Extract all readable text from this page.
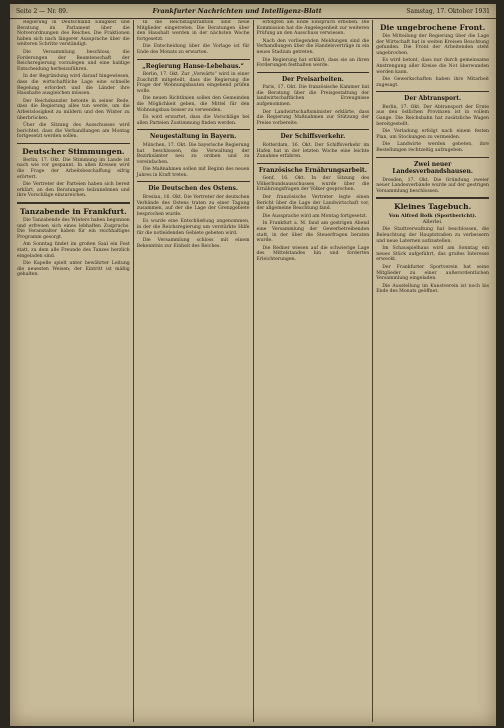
Seite 2 — Nr. 89.	Frankfurter Nachrichten und Intelligenz-Blatt	Samstag, 17. Oktober 1931

Regierung in Deutschland Einigkeit und Beratung im Parlament über die Notverordnungen des Reiches. Die Fraktionen haben sich nach längerer Aussprache über die weiteren Schritte verständigt.

Die Versammlung beschloss, die Forderungen der Beamtenschaft der Reichsregierung vorzulegen und eine baldige Entscheidung herbeizuführen.

In der Begründung wird darauf hingewiesen, dass die wirtschaftliche Lage eine schnelle Regelung erfordert und die Länder ihre Haushalte ausgleichen müssen.

Der Reichskanzler betonte in seiner Rede, dass die Regierung alles tun werde, um die Arbeitslosigkeit zu mildern und den Winter zu überbrücken.

Über die Sitzung des Ausschusses wird berichtet, dass die Verhandlungen am Montag fortgesetzt werden sollen.

Deutscher Stimmungen.

Berlin, 17. Okt. Die Stimmung im Lande ist nach wie vor gespannt. In allen Kreisen wird die Frage der Arbeitsbeschaffung eifrig erörtert.

Die Vertreter der Parteien haben sich bereit erklärt, an den Beratungen teilzunehmen und ihre Vorschläge einzureichen.

Tanzabende in Frankfurt.

Die Tanzabende des Winters haben begonnen und erfreuen sich eines lebhaften Zuspruchs. Die Veranstalter haben für ein reichhaltiges Programm gesorgt.

Am Sonntag findet im großen Saal ein Fest statt, zu dem alle Freunde des Tanzes herzlich eingeladen sind.

Die Kapelle spielt unter bewährter Leitung die neuesten Weisen; der Eintritt ist mäßig gehalten.

In die Reichstagsfraktion sind neue Mitglieder eingetreten. Die Beratungen über den Haushalt werden in der nächsten Woche fortgesetzt.

Die Entscheidung über die Vorlage ist für Ende des Monats zu erwarten.

„Regierung Hanse-Lebebaus.“

Berlin, 17. Okt. Zur „Vorwärts“ wird in einer Zuschrift mitgeteilt, dass die Regierung die Frage der Wohnungsbauten eingehend prüfen wolle.

Die neuen Richtlinien sollen den Gemeinden die Möglichkeit geben, die Mittel für den Wohnungsbau besser zu verwenden.

Es wird erwartet, dass die Vorschläge bei allen Parteien Zustimmung finden werden.

Neugestaltung in Bayern.

München, 17. Okt. Die bayerische Regierung hat beschlossen, die Verwaltung der Bezirksämter neu zu ordnen und zu vereinfachen.

Die Maßnahmen sollen mit Beginn des neuen Jahres in Kraft treten.

Die Deutschen des Ostens.

Breslau, 16. Okt. Die Vertreter der deutschen Verbände des Ostens traten zu einer Tagung zusammen, auf der die Lage der Grenzgebiete besprochen wurde.

Es wurde eine Entschließung angenommen, in der die Reichsregierung um verstärkte Hilfe für die notleidenden Gebiete gebeten wird.

Die Versammlung schloss mit einem Bekenntnis zur Einheit des Reiches.

erfolgten am Ende Einspruch erhoben. Die Kommission hat die Angelegenheit zur weiteren Prüfung an den Ausschuss verwiesen.

Nach den vorliegenden Meldungen sind die Verhandlungen über die Handelsverträge in ein neues Stadium getreten.

Die Regierung hat erklärt, dass sie an ihren Forderungen festhalten werde.

Der Preisarbeiten.

Paris, 17. Okt. Die französische Kammer hat die Beratung über die Preisgestaltung der landwirtschaftlichen Erzeugnisse aufgenommen.

Der Landwirtschaftsminister erklärte, dass die Regierung Maßnahmen zur Stützung der Preise vorbereite.

Der Schiffsverkehr.

Rotterdam, 16. Okt. Der Schiffsverkehr im Hafen hat in der letzten Woche eine leichte Zunahme erfahren.

Französische Ernährungsarbeit.

Genf, 16. Okt. In der Sitzung des Völkerbundsausschusses wurde über die Ernährungsfragen der Völker gesprochen.

Der französische Vertreter legte einen Bericht über die Lage der Landwirtschaft vor, der allgemeine Beachtung fand.

Die Aussprache wird am Montag fortgesetzt.

In Frankfurt a. M. fand am gestrigen Abend eine Versammlung der Gewerbetreibenden statt, in der über die Steuerfragen beraten wurde.

Die Redner wiesen auf die schwierige Lage des Mittelstandes hin und forderten Erleichterungen.

Die ungebrochene Front.

Die Mitteilung der Regierung über die Lage der Wirtschaft hat in weiten Kreisen Beachtung gefunden. Die Front der Arbeitenden steht ungebrochen.

Es wird betont, dass nur durch gemeinsame Anstrengung aller Kreise die Not überwunden werden kann.

Die Gewerkschaften haben ihre Mitarbeit zugesagt.

Der Abtransport.

Berlin, 17. Okt. Der Abtransport der Ernte aus den östlichen Provinzen ist in vollem Gange. Die Reichsbahn hat zusätzliche Wagen bereitgestellt.

Die Verladung erfolgt nach einem festen Plan, um Stockungen zu vermeiden.

Die Landwirte werden gebeten, ihre Bestellungen rechtzeitig aufzugeben.

Zwei neuer Landesverbandshausen.

Dresden, 17. Okt. Die Gründung zweier neuer Landesverbände wurde auf der gestrigen Versammlung beschlossen.

Kleines Tagebuch.
Von Alfred Bolk (Sportbericht).
Allerlei.

Die Stadtverwaltung hat beschlossen, die Beleuchtung der Hauptstraßen zu verbessern und neue Laternen aufzustellen.

Im Schauspielhaus wird am Sonntag ein neues Stück aufgeführt, das großes Interesse erweckt.

Der Frankfurter Sportverein hat seine Mitglieder zu einer außerordentlichen Versammlung eingeladen.

Die Ausstellung im Kunstverein ist noch bis Ende des Monats geöffnet.
